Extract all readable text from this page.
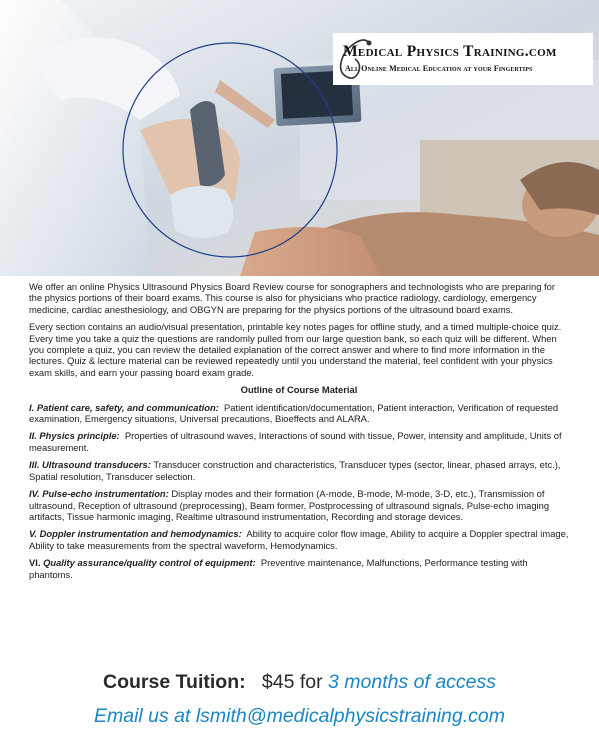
Medical Physics Training.com
All Online Medical Education at your Fingertips

We offer an online Physics Ultrasound Physics Board Review course for sonographers and technologists who are preparing for the physics portions of their board exams. This course is also for physicians who practice radiology, cardiology, emergency medicine, cardiac anesthesiology, and OBGYN are preparing for the physics portions of the ultrasound board exams.

Every section contains an audio/visual presentation, printable key notes pages for offline study, and a timed multiple-choice quiz. Every time you take a quiz the questions are randomly pulled from our large question bank, so each quiz will be different. When you complete a quiz, you can review the detailed explanation of the correct answer and where to find more information in the lectures. Quiz & lecture material can be reviewed repeatedly until you understand the material, feel confident with your physics exam skills, and earn your passing board exam grade.

Outline of Course Material
I. Patient care, safety, and communication: Patient identification/documentation, Patient interaction, Verification of requested examination, Emergency situations, Universal precautions, Bioeffects and ALARA.
II. Physics principle: Properties of ultrasound waves, Interactions of sound with tissue, Power, intensity and amplitude, Units of measurement.
III. Ultrasound transducers: Transducer construction and characteristics, Transducer types (sector, linear, phased arrays, etc.), Spatial resolution, Transducer selection.
IV. Pulse-echo instrumentation: Display modes and their formation (A-mode, B-mode, M-mode, 3-D, etc.), Transmission of ultrasound, Reception of ultrasound (preprocessing), Beam former, Postprocessing of ultrasound signals, Pulse-echo imaging artifacts, Tissue harmonic imaging, Realtime ultrasound instrumentation, Recording and storage devices.
V. Doppler instrumentation and hemodynamics: Ability to acquire color flow image, Ability to acquire a Doppler spectral image, Ability to take measurements from the spectral waveform, Hemodynamics.
VI. Quality assurance/quality control of equipment: Preventive maintenance, Malfunctions, Performance testing with phantoms.
Course Tuition: $45 for 3 months of access
Email us at lsmith@medicalphysicstraining.com
